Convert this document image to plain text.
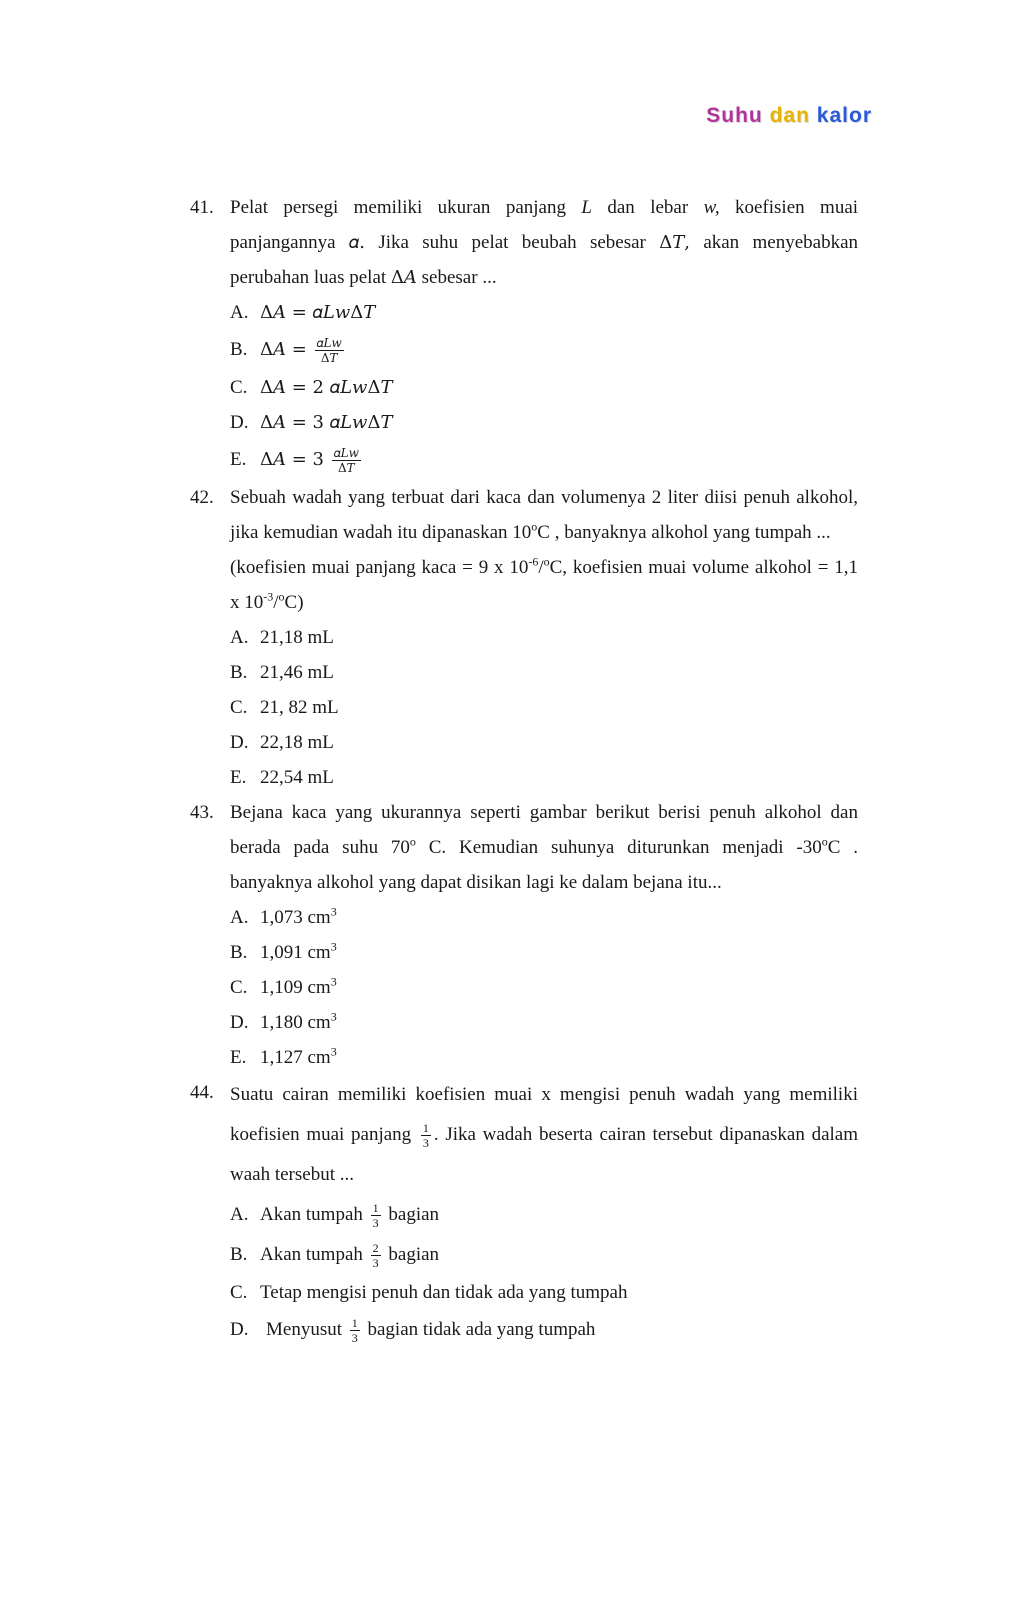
Suhu dan kalor
41. Pelat persegi memiliki ukuran panjang L dan lebar w, koefisien muai panjangannya 𝛼. Jika suhu pelat beubah sebesar Δ𝑇, akan menyebabkan perubahan luas pelat Δ𝐴 sebesar ...
A. Δ𝐴 = 𝛼𝐿𝑤Δ𝑇
B. Δ𝐴 = $\frac{\text{𝛼𝐿𝑤}}{\text{Δ𝑇}}$
C. Δ𝐴 = 2 𝛼𝐿𝑤Δ𝑇
D. Δ𝐴 = 3 𝛼𝐿𝑤Δ𝑇
E. Δ𝐴 = $3 \frac{\text{𝛼𝐿𝑤}}{\text{Δ𝑇}}$
42. Sebuah wadah yang terbuat dari kaca dan volumenya 2 liter diisi penuh alkohol, jika kemudian wadah itu dipanaskan 10$^o$C , banyaknya alkohol yang tumpah ...
(koefisien muai panjang kaca = 9 x $10^{-6}/^oC$, koefisien muai volume alkohol = 1,1 x $10^{-3}/^oC$)
A. 21,18 mL
B. 21,46 mL
C. 21, 82 mL
D. 22,18 mL
E. 22,54 mL
43. Bejana kaca yang ukurannya seperti gambar berikut berisi penuh alkohol dan berada pada suhu 70$^o$ C. Kemudian suhunya diturunkan menjadi -30$^o$C . banyaknya alkohol yang dapat disikan lagi ke dalam bejana itu...
A. 1,073 $cm^3$
B. 1,091 $cm^3$
C. 1,109 $cm^3$
D. 1,180 $cm^3$
E. 1,127 $cm^3$
44. Suatu cairan memiliki koefisien muai x mengisi penuh wadah yang memiliki koefisien muai panjang $\frac{1}{3}$ . Jika wadah beserta cairan tersebut dipanaskan dalam waah tersebut ...
A. Akan tumpah $\frac{1}{3}$ bagian
B. Akan tumpah $\frac{2}{3}$ bagian
C. Tetap mengisi penuh dan tidak ada yang tumpah
D. Menyusut $\frac{1}{3}$ bagian tidak ada yang tumpah
